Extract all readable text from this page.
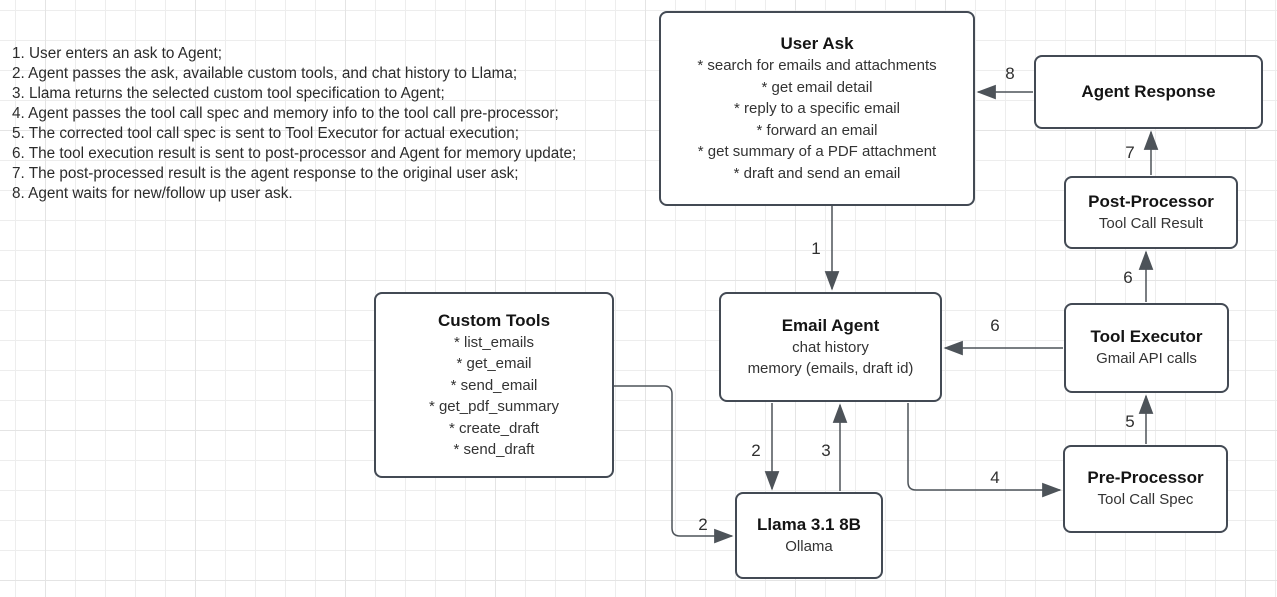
1. User enters an ask to Agent;
2. Agent passes the ask, available custom tools, and chat history to Llama;
3. Llama returns the selected custom tool specification to Agent;
4. Agent passes the tool call spec and memory info to the tool call pre-processor;
5. The corrected tool call spec is sent to Tool Executor for actual execution;
6. The tool execution result is sent to post-processor and Agent for memory update;
7. The post-processed result is the agent response to the original user ask;
8. Agent waits for new/follow up user ask.
1
2
2
3
4
5
6
6
7
8
User Ask
* search for emails and attachments
* get email detail
* reply to a specific email
* forward an email
* get summary of a PDF attachment
* draft and send an email
Agent Response
Post-Processor
Tool Call Result
Email Agent
chat history
memory (emails, draft id)
Tool Executor
Gmail API calls
Custom Tools
* list_emails
* get_email
* send_email
* get_pdf_summary
* create_draft
* send_draft
Pre-Processor
Tool Call Spec
Llama 3.1 8B
Ollama
